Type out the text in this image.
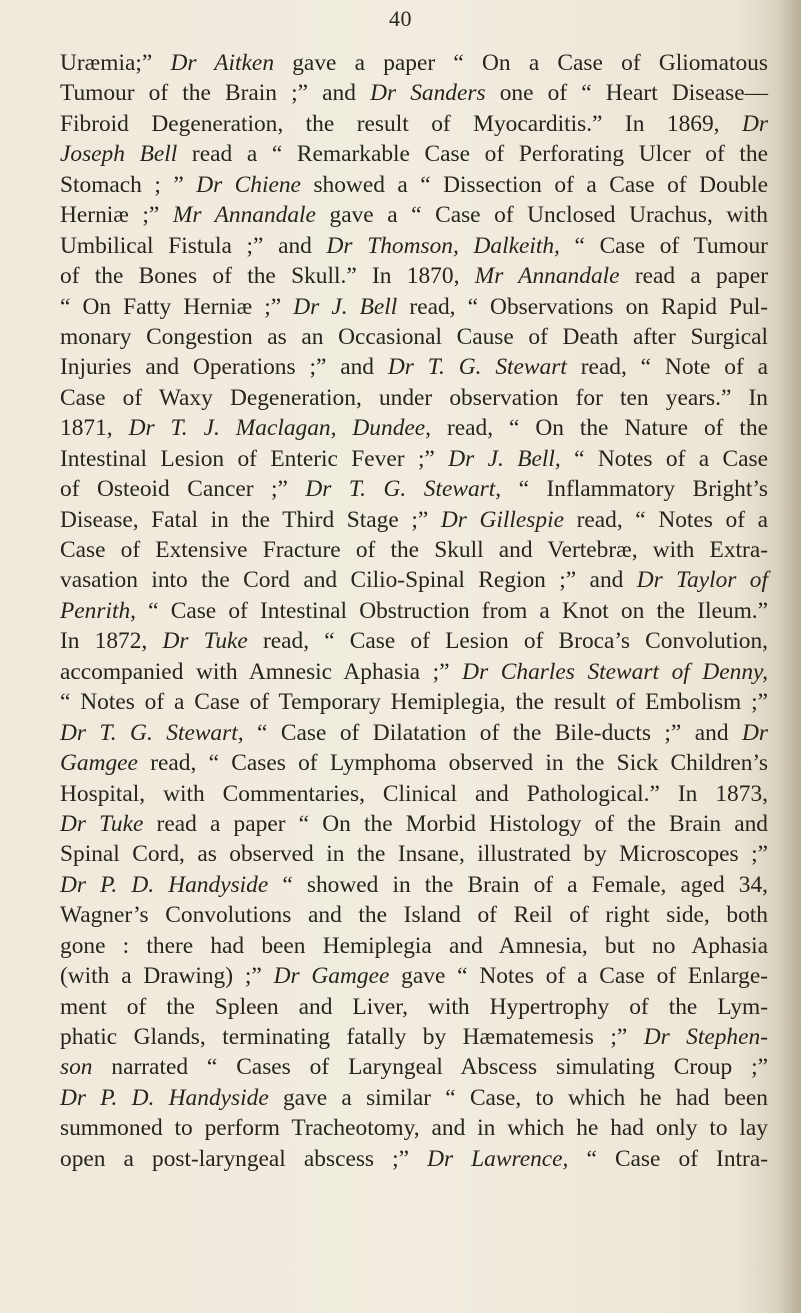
40
Uræmia;” Dr Aitken gave a paper “ On a Case of Gliomatous
Tumour of the Brain ;” and Dr Sanders one of “ Heart Disease—
Fibroid Degeneration, the result of Myocarditis.” In 1869, Dr
Joseph Bell read a “ Remarkable Case of Perforating Ulcer of the
Stomach ; ” Dr Chiene showed a “ Dissection of a Case of Double
Herniæ ;” Mr Annandale gave a “ Case of Unclosed Urachus, with
Umbilical Fistula ;” and Dr Thomson, Dalkeith, “ Case of Tumour
of the Bones of the Skull.” In 1870, Mr Annandale read a paper
“ On Fatty Herniæ ;” Dr J. Bell read, “ Observations on Rapid Pul-
monary Congestion as an Occasional Cause of Death after Surgical
Injuries and Operations ;” and Dr T. G. Stewart read, “ Note of a
Case of Waxy Degeneration, under observation for ten years.” In
1871, Dr T. J. Maclagan, Dundee, read, “ On the Nature of the
Intestinal Lesion of Enteric Fever ;” Dr J. Bell, “ Notes of a Case
of Osteoid Cancer ;” Dr T. G. Stewart, “ Inflammatory Bright’s
Disease, Fatal in the Third Stage ;” Dr Gillespie read, “ Notes of a
Case of Extensive Fracture of the Skull and Vertebræ, with Extra-
vasation into the Cord and Cilio-Spinal Region ;” and Dr Taylor of
Penrith, “ Case of Intestinal Obstruction from a Knot on the Ileum.”
In 1872, Dr Tuke read, “ Case of Lesion of Broca’s Convolution,
accompanied with Amnesic Aphasia ;” Dr Charles Stewart of Denny,
“ Notes of a Case of Temporary Hemiplegia, the result of Embolism ;”
Dr T. G. Stewart, “ Case of Dilatation of the Bile-ducts ;” and Dr
Gamgee read, “ Cases of Lymphoma observed in the Sick Children’s
Hospital, with Commentaries, Clinical and Pathological.” In 1873,
Dr Tuke read a paper “ On the Morbid Histology of the Brain and
Spinal Cord, as observed in the Insane, illustrated by Microscopes ;”
Dr P. D. Handyside “ showed in the Brain of a Female, aged 34,
Wagner’s Convolutions and the Island of Reil of right side, both
gone : there had been Hemiplegia and Amnesia, but no Aphasia
(with a Drawing) ;” Dr Gamgee gave “ Notes of a Case of Enlarge-
ment of the Spleen and Liver, with Hypertrophy of the Lym-
phatic Glands, terminating fatally by Hæmatemesis ;” Dr Stephen-
son narrated “ Cases of Laryngeal Abscess simulating Croup ;”
Dr P. D. Handyside gave a similar “ Case, to which he had been
summoned to perform Tracheotomy, and in which he had only to lay
open a post-laryngeal abscess ;” Dr Lawrence, “ Case of Intra-
